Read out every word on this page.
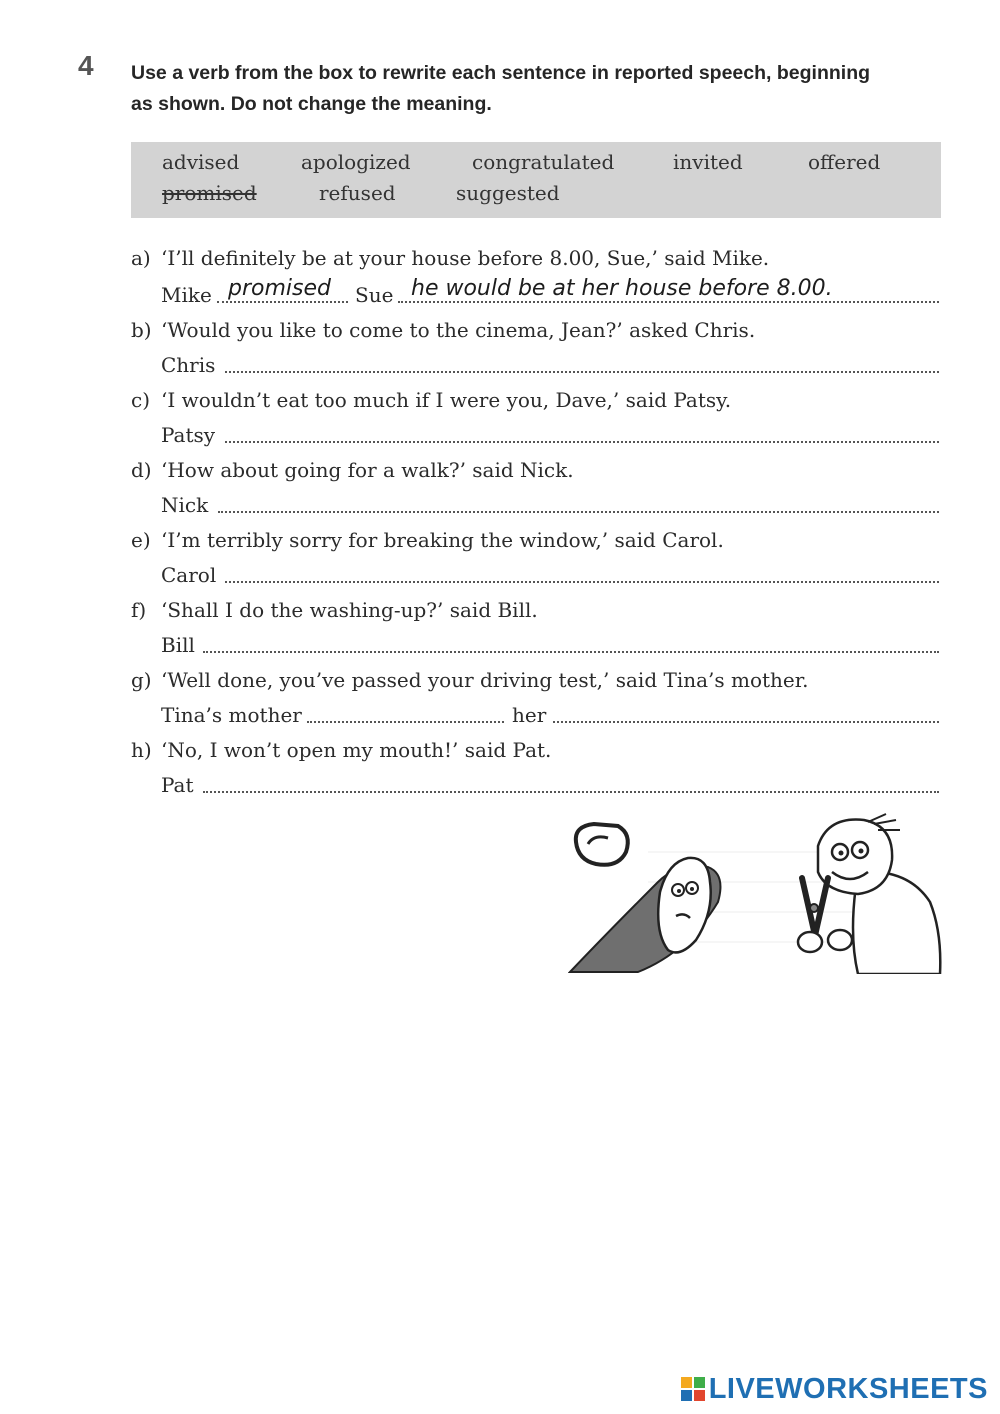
4 Use a verb from the box to rewrite each sentence in reported speech, beginning
as shown. Do not change the meaning.
advised	apologized	congratulated	invited	offered
promised	refused	suggested
a) ‘I’ll definitely be at your house before 8.00, Sue,’ said Mike.
Mike promised Sue he would be at her house before 8.00.
b) ‘Would you like to come to the cinema, Jean?’ asked Chris.
Chris
c) ‘I wouldn’t eat too much if I were you, Dave,’ said Patsy.
Patsy
d) ‘How about going for a walk?’ said Nick.
Nick
e) ‘I’m terribly sorry for breaking the window,’ said Carol.
Carol
f) ‘Shall I do the washing-up?’ said Bill.
Bill
g) ‘Well done, you’ve passed your driving test,’ said Tina’s mother.
Tina’s mother	her
h) ‘No, I won’t open my mouth!’ said Pat.
Pat
LIVEWORKSHEETS
